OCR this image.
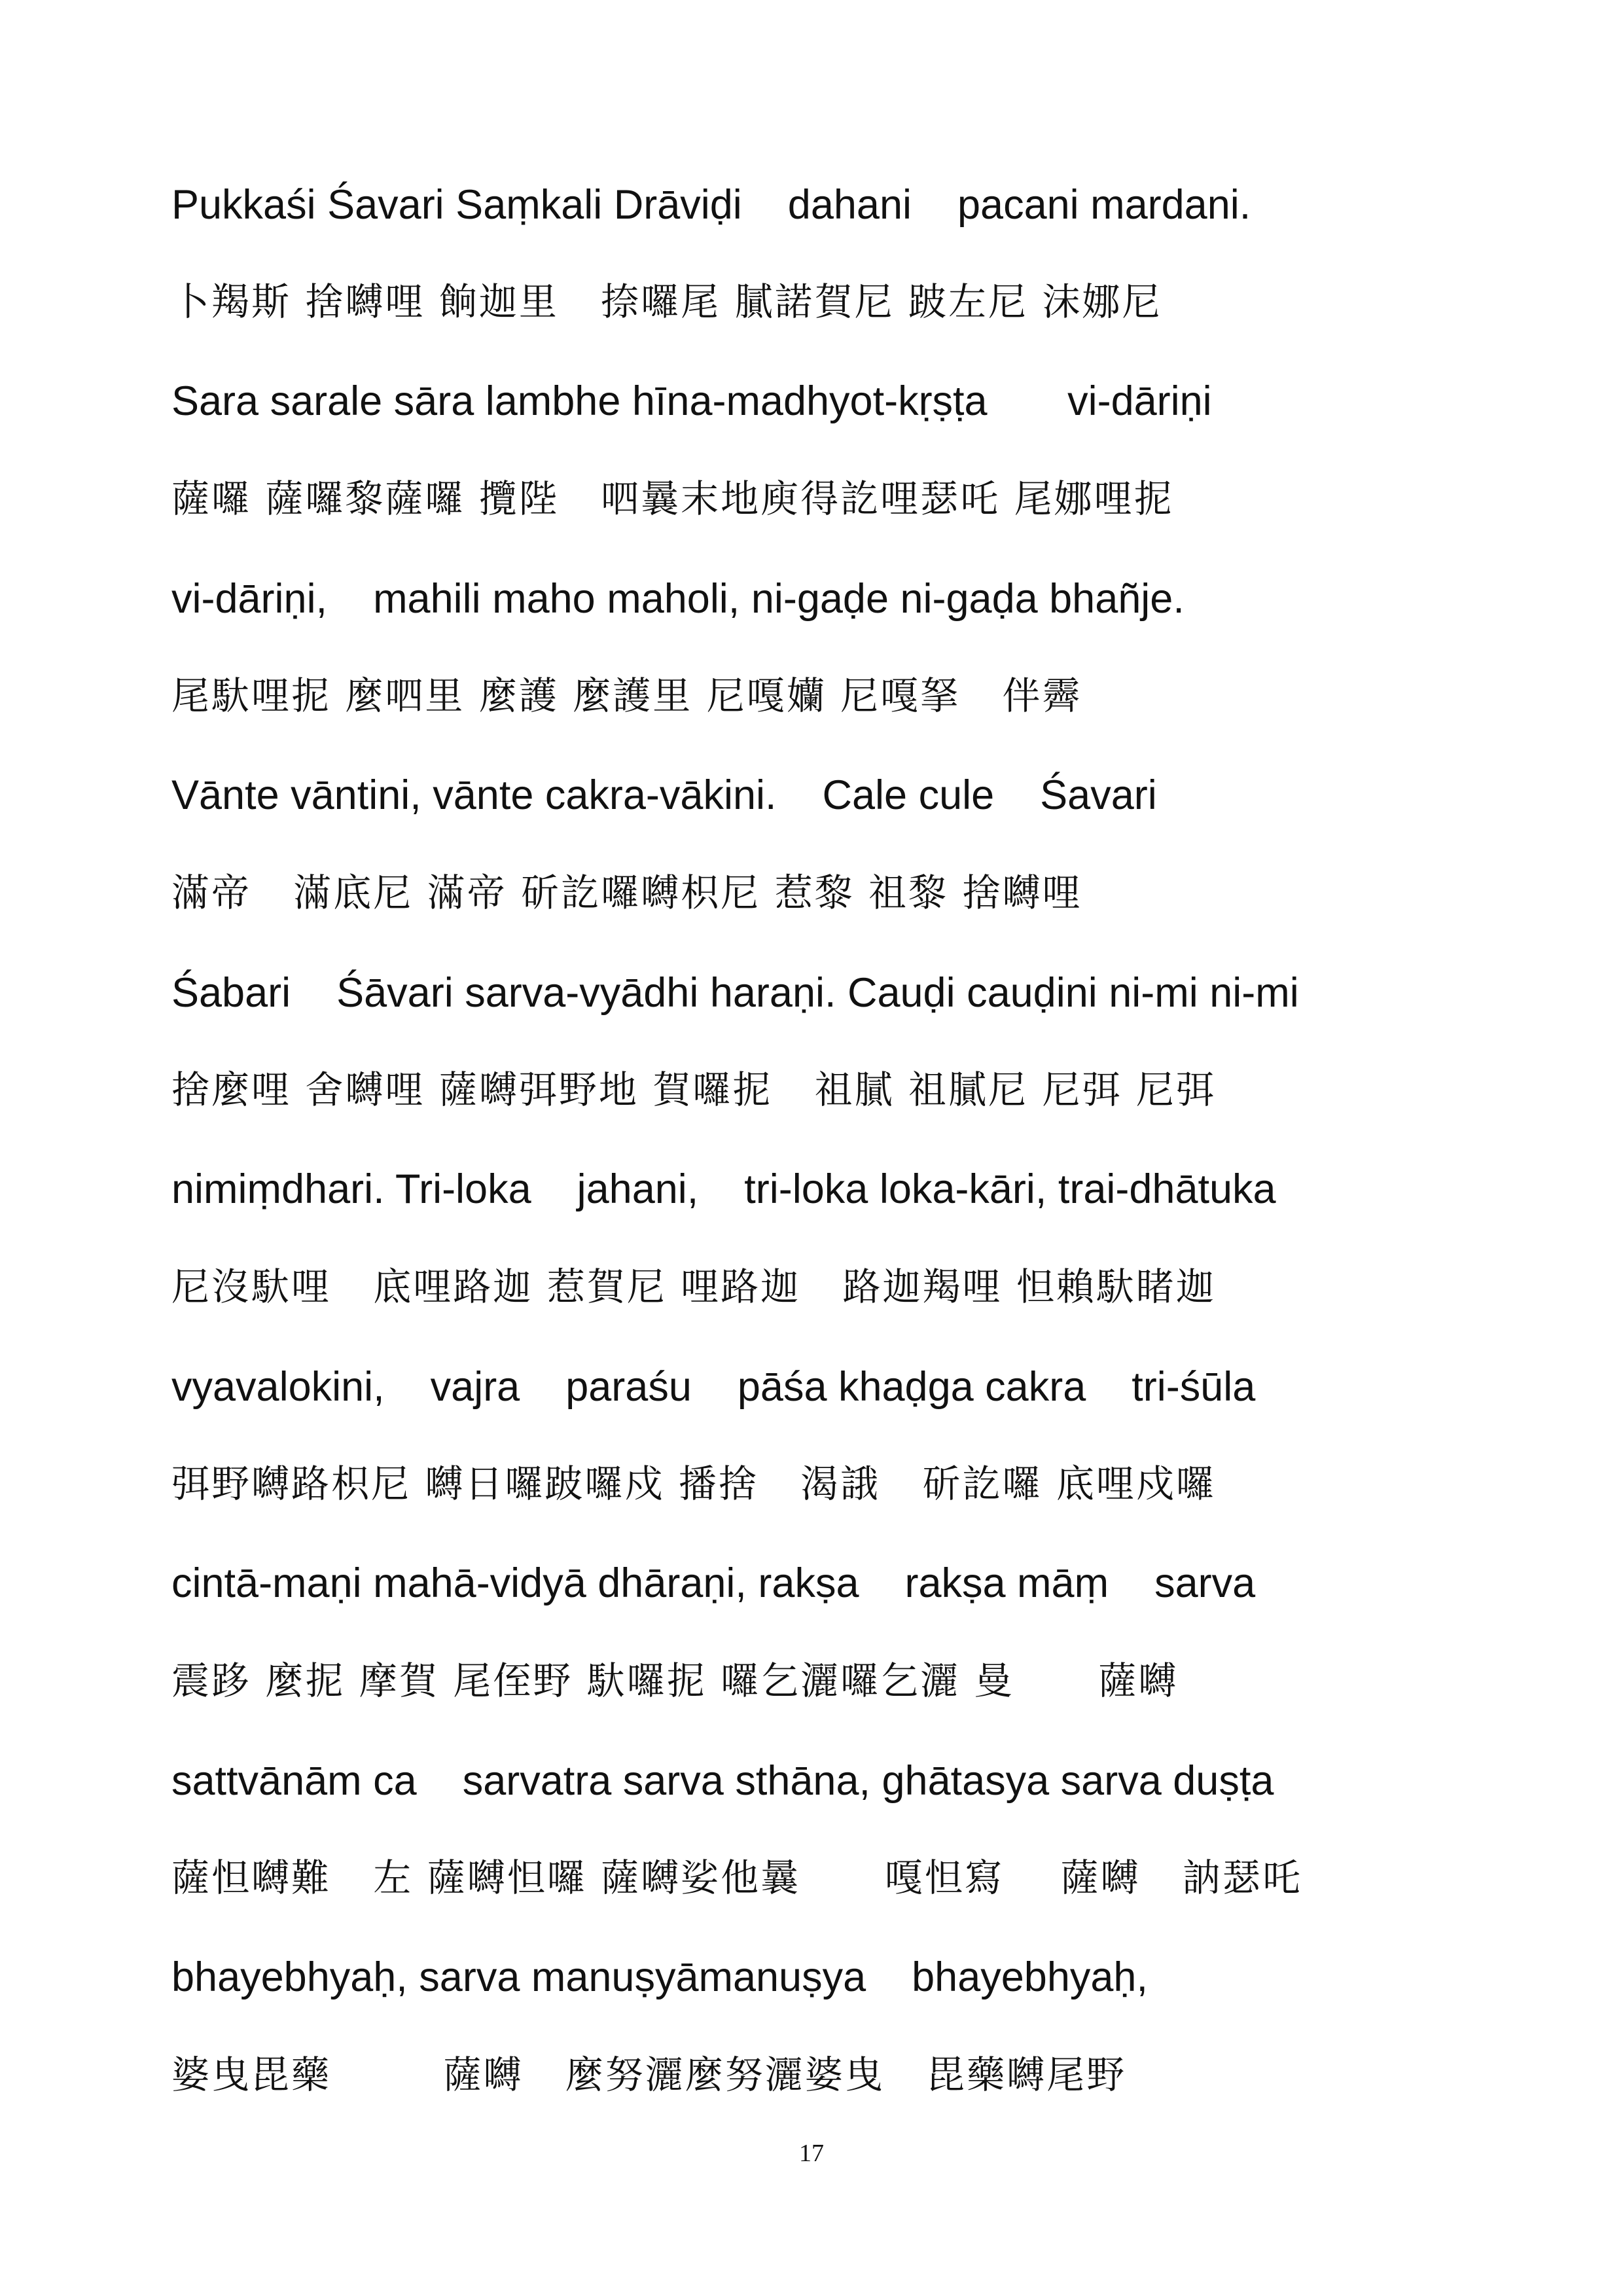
Pukkaśi Śavari Saṃkali Drāviḍi    dahani    pacani mardani.
卜羯斯 捨嚩哩 餉迦里   捺囉尾 膩諾賀尼 跛左尼 沫娜尼
Sara sarale sāra lambhe hīna-madhyot-kṛṣṭa       vi-dāriṇi
薩囉 薩囉黎薩囉 攬陛   呬曩末地庾得訖哩瑟吒 尾娜哩抳
vi-dāriṇi,    mahili maho maholi, ni-gaḍe ni-gaḍa bhañje.
尾馱哩抳 麼呬里 麼護 麼護里 尼嘎孏 尼嘎拏   伴霽
Vānte vāntini, vānte cakra-vākini.    Cale cule    Śavari
滿帝   滿底尼 滿帝 斫訖囉嚩枳尼 惹黎 祖黎 捨嚩哩
Śabari    Śāvari sarva-vyādhi haraṇi. Cauḍi cauḍini ni-mi ni-mi
捨麼哩 舍嚩哩 薩嚩弭野地 賀囉抳   祖膩 祖膩尼 尼弭 尼弭
nimiṃdhari. Tri-loka    jahani,    tri-loka loka-kāri, trai-dhātuka
尼沒馱哩   底哩路迦 惹賀尼 哩路迦   路迦羯哩 怛賴馱睹迦
vyavalokini,    vajra    paraśu    pāśa khaḍga cakra    tri-śūla
弭野嚩路枳尼 嚩日囉跛囉戍 播捨   渴誐   斫訖囉 底哩戍囉
cintā-maṇi mahā-vidyā dhāraṇi, rakṣa    rakṣa māṃ    sarva
震跢 麼抳 摩賀 尾侄野 馱囉抳 囉乞灑囉乞灑 曼      薩嚩
sattvānām ca    sarvatra sarva sthāna, ghātasya sarva duṣṭa
薩怛嚩難   左 薩嚩怛囉 薩嚩娑他曩      嘎怛寫    薩嚩   訥瑟吒
bhayebhyaḥ, sarva manuṣyāmanuṣya    bhayebhyaḥ,
婆曳毘藥        薩嚩   麼努灑麼努灑婆曳   毘藥嚩尾野
17
